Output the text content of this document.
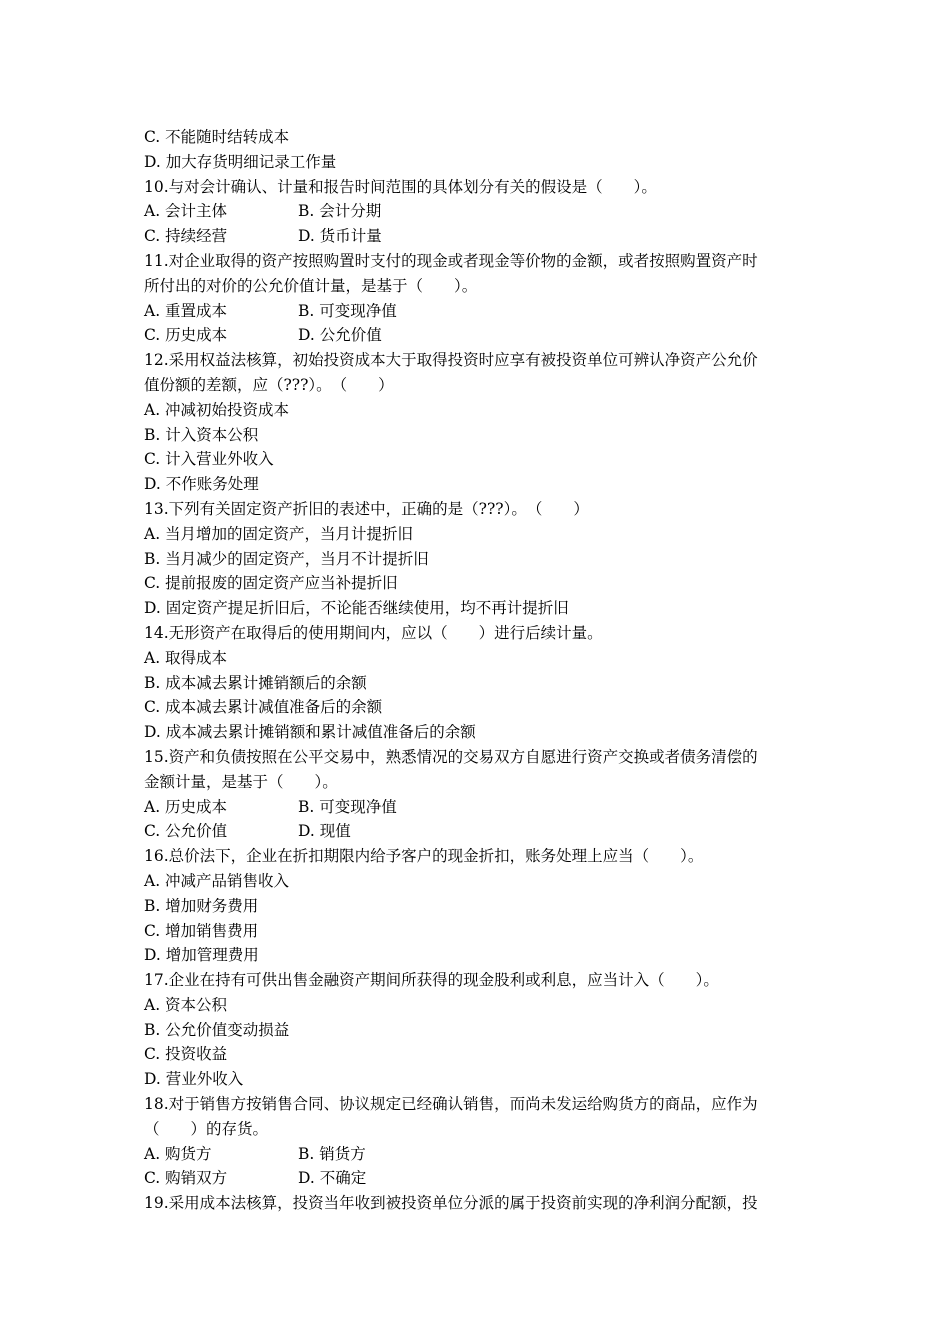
C. 不能随时结转成本
D. 加大存货明细记录工作量
10.与对会计确认、计量和报告时间范围的具体划分有关的假设是（　　）。
A. 会计主体	B. 会计分期
C. 持续经营	D. 货币计量
11.对企业取得的资产按照购置时支付的现金或者现金等价物的金额，或者按照购置资产时
所付出的对价的公允价值计量，是基于（　　）。
A. 重置成本	B. 可变现净值
C. 历史成本	D. 公允价值
12.采用权益法核算，初始投资成本大于取得投资时应享有被投资单位可辨认净资产公允价
值份额的差额，应（???）。　（　　）
A. 冲减初始投资成本
B. 计入资本公积
C. 计入营业外收入
D. 不作账务处理
13.下列有关固定资产折旧的表述中，正确的是（???）。　（　　）
A. 当月增加的固定资产，当月计提折旧
B. 当月减少的固定资产，当月不计提折旧
C. 提前报废的固定资产应当补提折旧
D. 固定资产提足折旧后，不论能否继续使用，均不再计提折旧
14.无形资产在取得后的使用期间内，应以（　　）进行后续计量。
A. 取得成本
B. 成本减去累计摊销额后的余额
C. 成本减去累计减值准备后的余额
D. 成本减去累计摊销额和累计减值准备后的余额
15.资产和负债按照在公平交易中，熟悉情况的交易双方自愿进行资产交换或者债务清偿的
金额计量，是基于（　　）。
A. 历史成本	B. 可变现净值
C. 公允价值	D. 现值
16.总价法下，企业在折扣期限内给予客户的现金折扣，账务处理上应当（　　）。
A. 冲减产品销售收入
B. 增加财务费用
C. 增加销售费用
D. 增加管理费用
17.企业在持有可供出售金融资产期间所获得的现金股利或利息，应当计入（　　）。
A. 资本公积
B. 公允价值变动损益
C. 投资收益
D. 营业外收入
18.对于销售方按销售合同、协议规定已经确认销售，而尚未发运给购货方的商品，应作为
（　　）的存货。
A. 购货方	B. 销货方
C. 购销双方	D. 不确定
19.采用成本法核算，投资当年收到被投资单位分派的属于投资前实现的净利润分配额，投
